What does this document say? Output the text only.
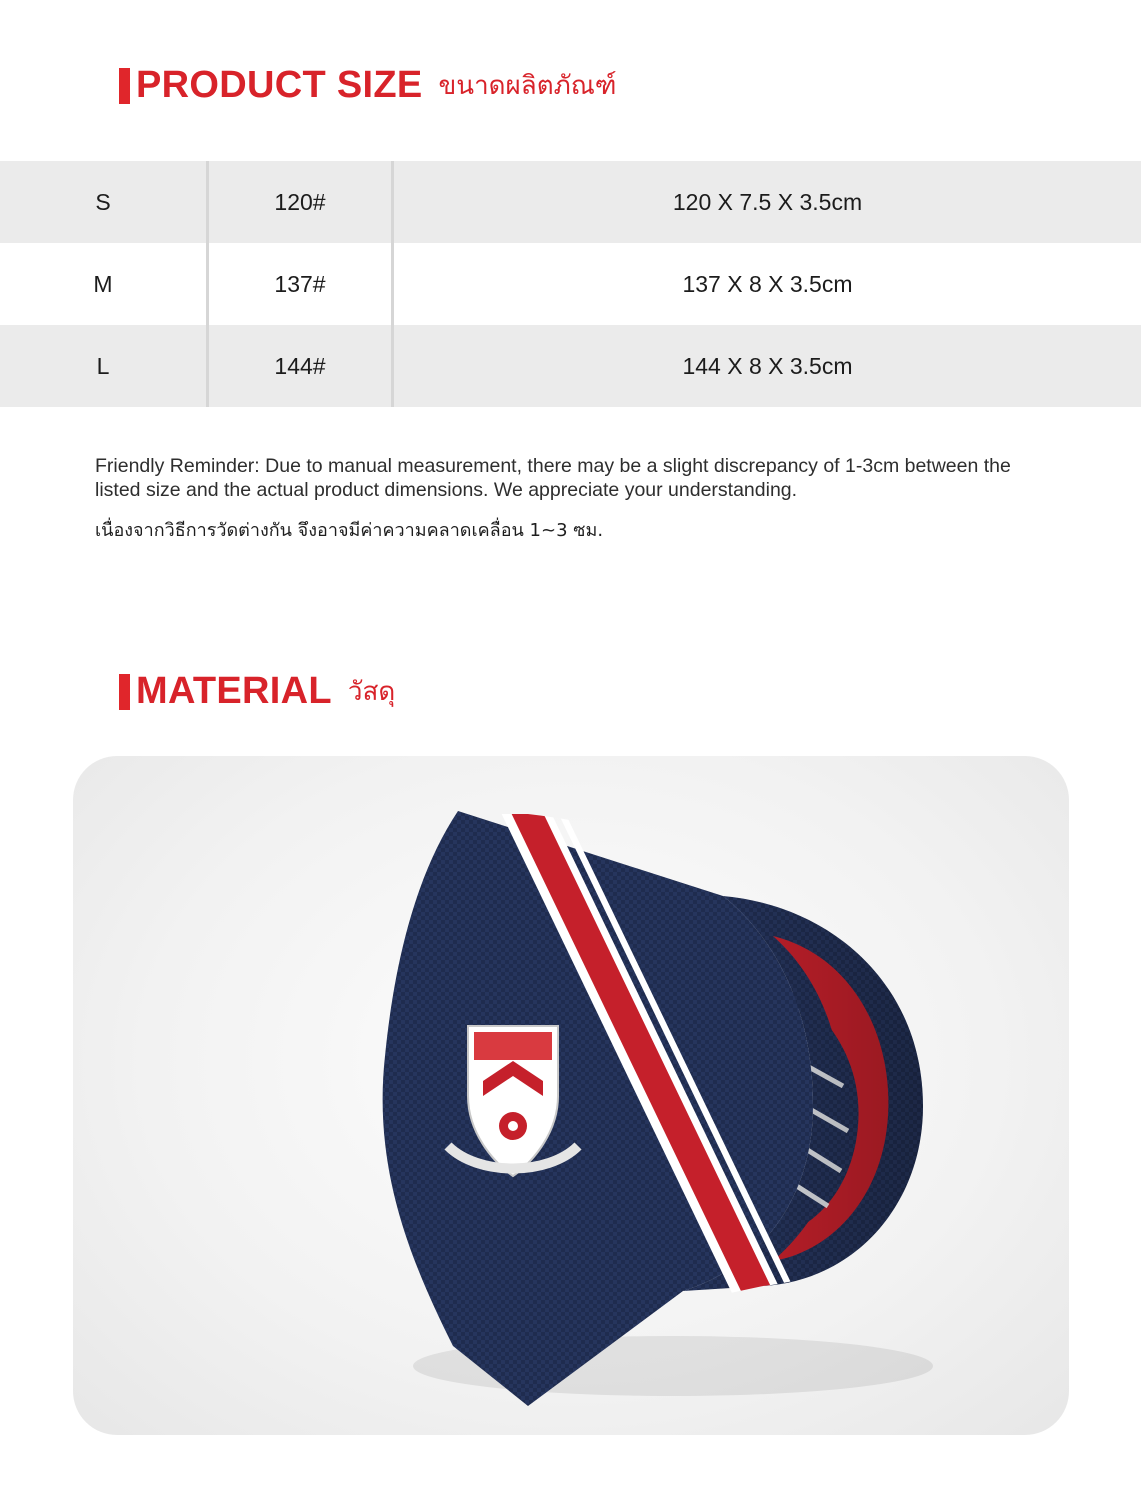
PRODUCT SIZE ขนาดผลิตภัณฑ์
S	120#	120 X 7.5 X 3.5cm
M	137#	137 X 8 X 3.5cm
L	144#	144 X 8 X 3.5cm
Friendly Reminder: Due to manual measurement, there may be a slight discrepancy of 1-3cm between the listed size and the actual product dimensions. We appreciate your understanding.
เนื่องจากวิธีการวัดต่างกัน จึงอาจมีค่าความคลาดเคลื่อน 1~3 ซม.
MATERIAL วัสดุ
